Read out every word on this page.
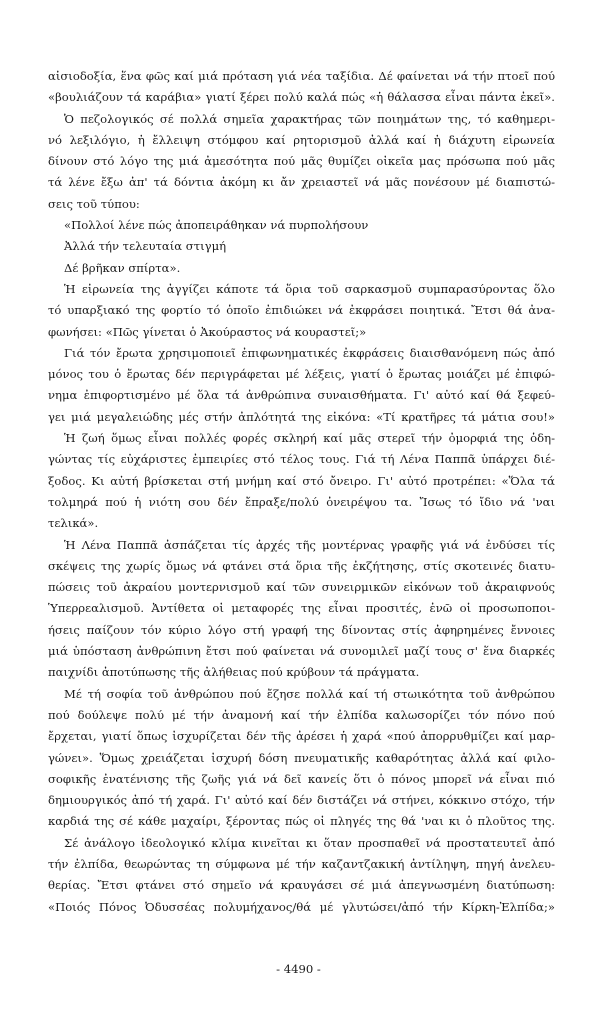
αἰσιοδοξία, ἕνα φῶς καί μιά πρόταση γιά νέα ταξίδια. Δέ φαίνεται νά τήν πτοεῖ πού
«βουλιάζουν τά καράβια» γιατί ξέρει πολύ καλά πώς «ἡ θάλασσα εἶναι πάντα ἐκεῖ».
Ὁ πεζολογικός σέ πολλά σημεῖα χαρακτήρας τῶν ποιημάτων της, τό καθημερι-
νό λεξιλόγιο, ἡ ἔλλειψη στόμφου καί ρητορισμοῦ ἀλλά καί ἡ διάχυτη εἰρωνεία
δίνουν στό λόγο της μιά ἀμεσότητα πού μᾶς θυμίζει οἰκεῖα μας πρόσωπα πού μᾶς
τά λένε ἔξω ἀπ' τά δόντια ἀκόμη κι ἄν χρειαστεῖ νά μᾶς πονέσουν μέ διαπιστώ-
σεις τοῦ τύπου:
«Πολλοί λένε πώς ἀποπειράθηκαν νά πυρπολήσουν
Ἀλλά τήν τελευταία στιγμή
Δέ βρῆκαν σπίρτα».
Ἡ εἰρωνεία της ἀγγίζει κάποτε τά ὅρια τοῦ σαρκασμοῦ συμπαρασύροντας ὅλο
τό υπαρξιακό της φορτίο τό ὁποῖο ἐπιδιώκει νά ἐκφράσει ποιητικά. Ἔτσι θά ἀνα-
φωνήσει: «Πῶς γίνεται ὁ Ἀκούραστος νά κουραστεῖ;»
Γιά τόν ἔρωτα χρησιμοποιεῖ ἐπιφωνηματικές ἐκφράσεις διαισθανόμενη πώς ἀπό
μόνος του ὁ ἔρωτας δέν περιγράφεται μέ λέξεις, γιατί ὁ ἔρωτας μοιάζει μέ ἐπιφώ-
νημα ἐπιφορτισμένο μέ ὅλα τά ἀνθρώπινα συναισθήματα. Γι' αὐτό καί θά ξεφεύ-
γει μιά μεγαλειώδης μές στήν ἀπλότητά της εἰκόνα: «Τί κρατῆρες τά μάτια σου!»
Ἡ ζωή ὅμως εἶναι πολλές φορές σκληρή καί μᾶς στερεῖ τήν ὀμορφιά της ὁδη-
γώντας τίς εὐχάριστες ἐμπειρίες στό τέλος τους. Γιά τή Λένα Παππᾶ ὑπάρχει διέ-
ξοδος. Κι αὐτή βρίσκεται στή μνήμη καί στό ὄνειρο. Γι' αὐτό προτρέπει: «Ὅλα τά
τολμηρά πού ἡ νιότη σου δέν ἔπραξε/πολύ ὀνειρέψου τα. Ἴσως τό ἴδιο νά 'ναι
τελικά».
Ἡ Λένα Παππᾶ ἀσπάζεται τίς ἀρχές τῆς μοντέρνας γραφῆς γιά νά ἐνδύσει τίς
σκέψεις της χωρίς ὅμως νά φτάνει στά ὅρια τῆς ἐκζήτησης, στίς σκοτεινές διατυ-
πώσεις τοῦ ἀκραίου μοντερνισμοῦ καί τῶν συνειρμικῶν εἰκόνων τοῦ ἀκραιφνούς
Ὑπερρεαλισμοῦ. Ἀντίθετα οἱ μεταφορές της εἶναι προσιτές, ἐνῶ οἱ προσωποποι-
ήσεις παίζουν τόν κύριο λόγο στή γραφή της δίνοντας στίς ἀφηρημένες ἔννοιες
μιά ὑπόσταση ἀνθρώπινη ἔτσι πού φαίνεται νά συνομιλεῖ μαζί τους σ' ἕνα διαρκές
παιχνίδι ἀποτύπωσης τῆς ἀλήθειας πού κρύβουν τά πράγματα.
Μέ τή σοφία τοῦ ἀνθρώπου πού ἔζησε πολλά καί τή στωικότητα τοῦ ἀνθρώπου
πού δούλεψε πολύ μέ τήν ἀναμονή καί τήν ἐλπίδα καλωσορίζει τόν πόνο πού
ἔρχεται, γιατί ὅπως ἰσχυρίζεται δέν τῆς ἀρέσει ἡ χαρά «πού ἀπορρυθμίζει καί μαρ-
γώνει». Ὅμως χρειάζεται ἰσχυρή δόση πνευματικῆς καθαρότητας ἀλλά καί φιλο-
σοφικῆς ἐνατένισης τῆς ζωῆς γιά νά δεῖ κανείς ὅτι ὁ πόνος μπορεῖ νά εἶναι πιό
δημιουργικός ἀπό τή χαρά. Γι' αὐτό καί δέν διστάζει νά στήνει, κόκκινο στόχο, τήν
καρδιά της σέ κάθε μαχαίρι, ξέροντας πώς οἱ πληγές της θά 'ναι κι ὁ πλοῦτος της.
Σέ ἀνάλογο ἰδεολογικό κλίμα κινεῖται κι ὅταν προσπαθεῖ νά προστατευτεῖ ἀπό
τήν ἐλπίδα, θεωρώντας τη σύμφωνα μέ τήν καζαντζακική ἀντίληψη, πηγή ἀνελευ-
θερίας. Ἔτσι φτάνει στό σημεῖο νά κραυγάσει σέ μιά ἀπεγνωσμένη διατύπωση:
«Ποιός Πόνος Ὀδυσσέας πολυμήχανος/θά μέ γλυτώσει/ἀπό τήν Κίρκη-Ἐλπίδα;»
- 4490 -
